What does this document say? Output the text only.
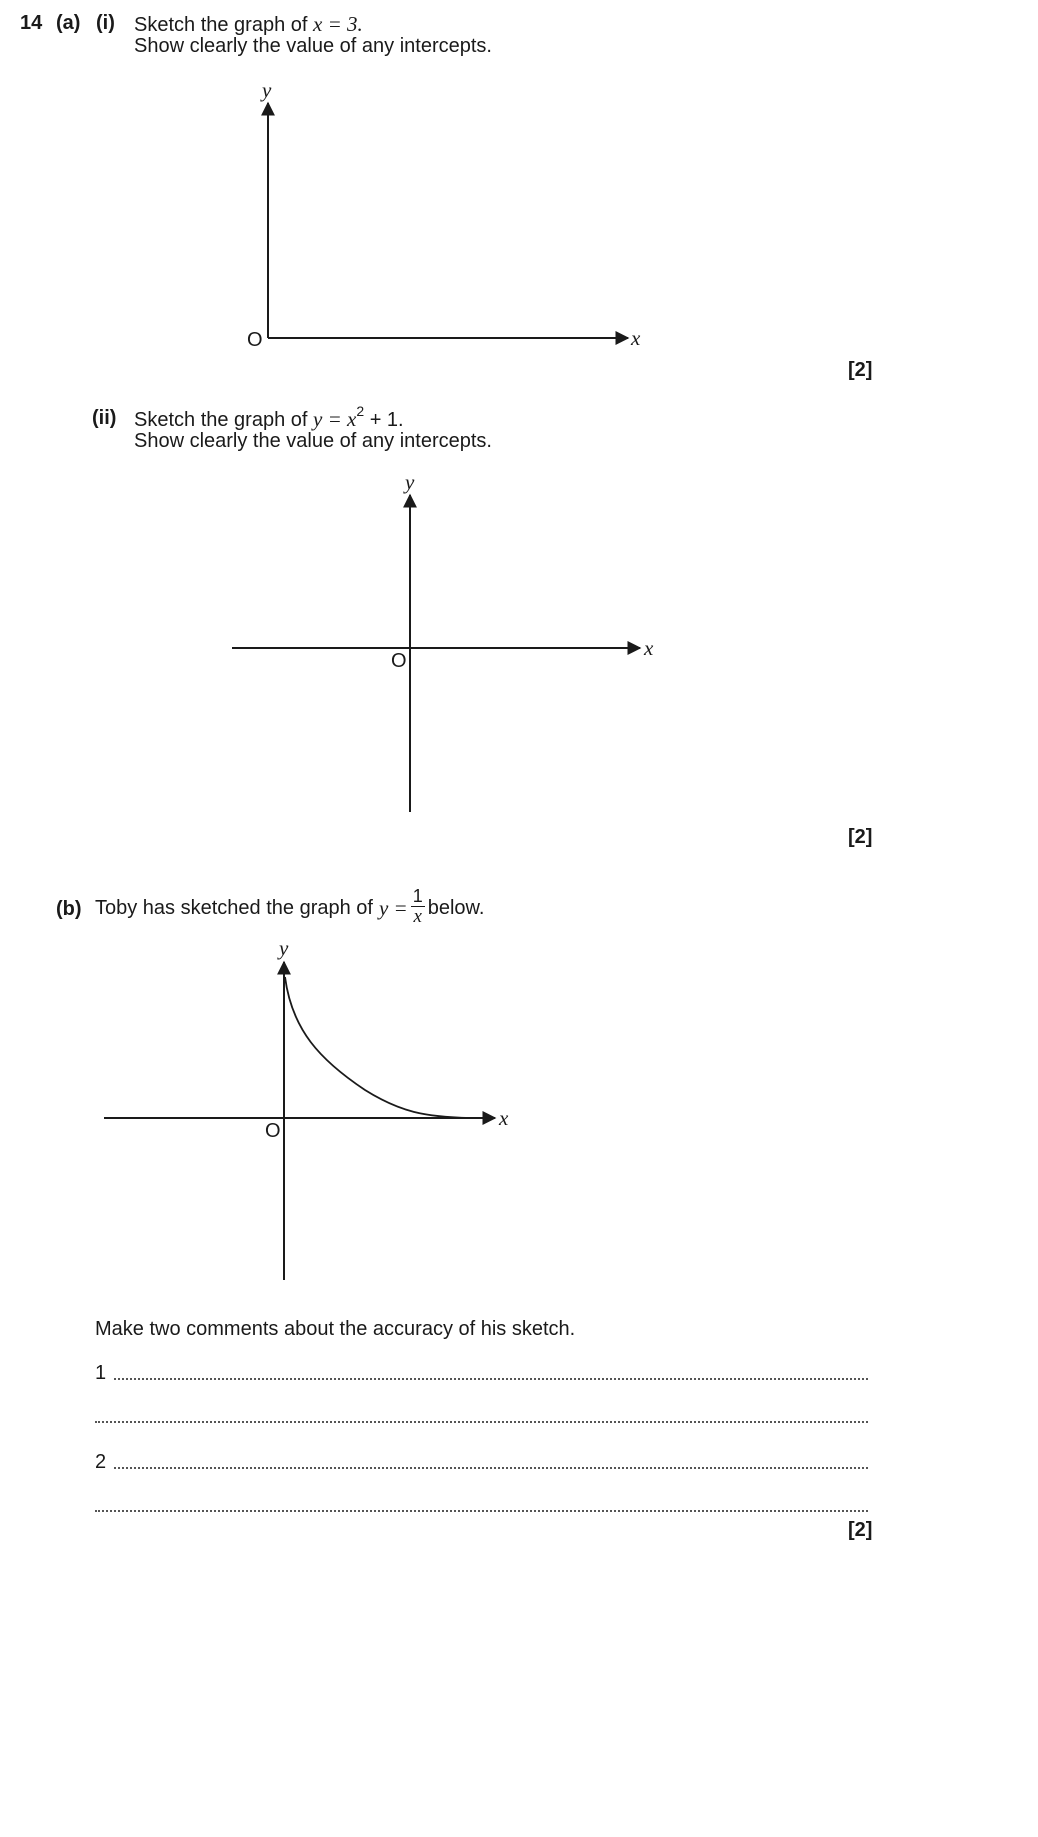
14 (a) (i) Sketch the graph of x = 3.
Show clearly the value of any intercepts.
y
x
O
y
x
O
y
x
O
[2]
(ii) Sketch the graph of $y = x^2 + 1$.
Show clearly the value of any intercepts.
[2]
(b) Toby has sketched the graph of $y = \frac{1}{x}$ below.
Make two comments about the accuracy of his sketch.
1
2
[2]
